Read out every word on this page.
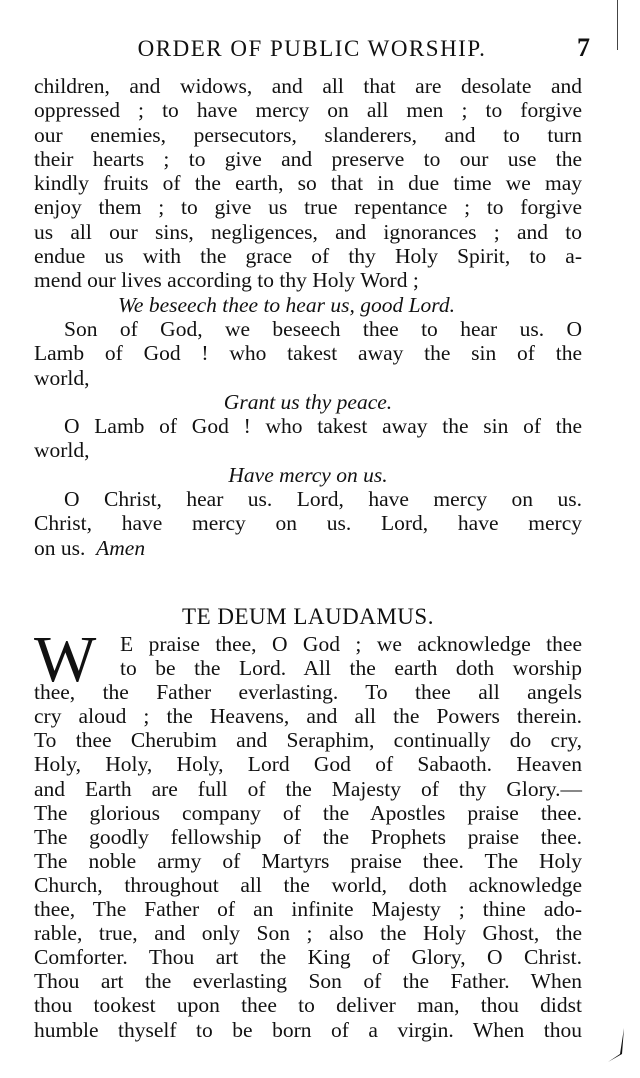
ORDER OF PUBLIC WORSHIP.	7
children, and widows, and all that are desolate and
oppressed ; to have mercy on all men ; to forgive
our enemies, persecutors, slanderers, and to turn
their hearts ; to give and preserve to our use the
kindly fruits of the earth, so that in due time we may
enjoy them ; to give us true repentance ; to forgive
us all our sins, negligences, and ignorances ; and to
endue us with the grace of thy Holy Spirit, to a-
mend our lives according to thy Holy Word ;
We beseech thee to hear us, good Lord.
Son of God, we beseech thee to hear us. O
Lamb of God ! who takest away the sin of the
world,
Grant us thy peace.
O Lamb of God ! who takest away the sin of the
world,
Have mercy on us.
O Christ, hear us. Lord, have mercy on us.
Christ, have mercy on us. Lord, have mercy
on us. Amen
TE DEUM LAUDAMUS.
W	E praise thee, O God ; we acknowledge thee
to be the Lord. All the earth doth worship
thee, the Father everlasting. To thee all angels
cry aloud ; the Heavens, and all the Powers therein.
To thee Cherubim and Seraphim, continually do cry,
Holy, Holy, Holy, Lord God of Sabaoth. Heaven
and Earth are full of the Majesty of thy Glory.—
The glorious company of the Apostles praise thee.
The goodly fellowship of the Prophets praise thee.
The noble army of Martyrs praise thee. The Holy
Church, throughout all the world, doth acknowledge
thee, The Father of an infinite Majesty ; thine ado-
rable, true, and only Son ; also the Holy Ghost, the
Comforter. Thou art the King of Glory, O Christ.
Thou art the everlasting Son of the Father. When
thou tookest upon thee to deliver man, thou didst
humble thyself to be born of a virgin. When thou
